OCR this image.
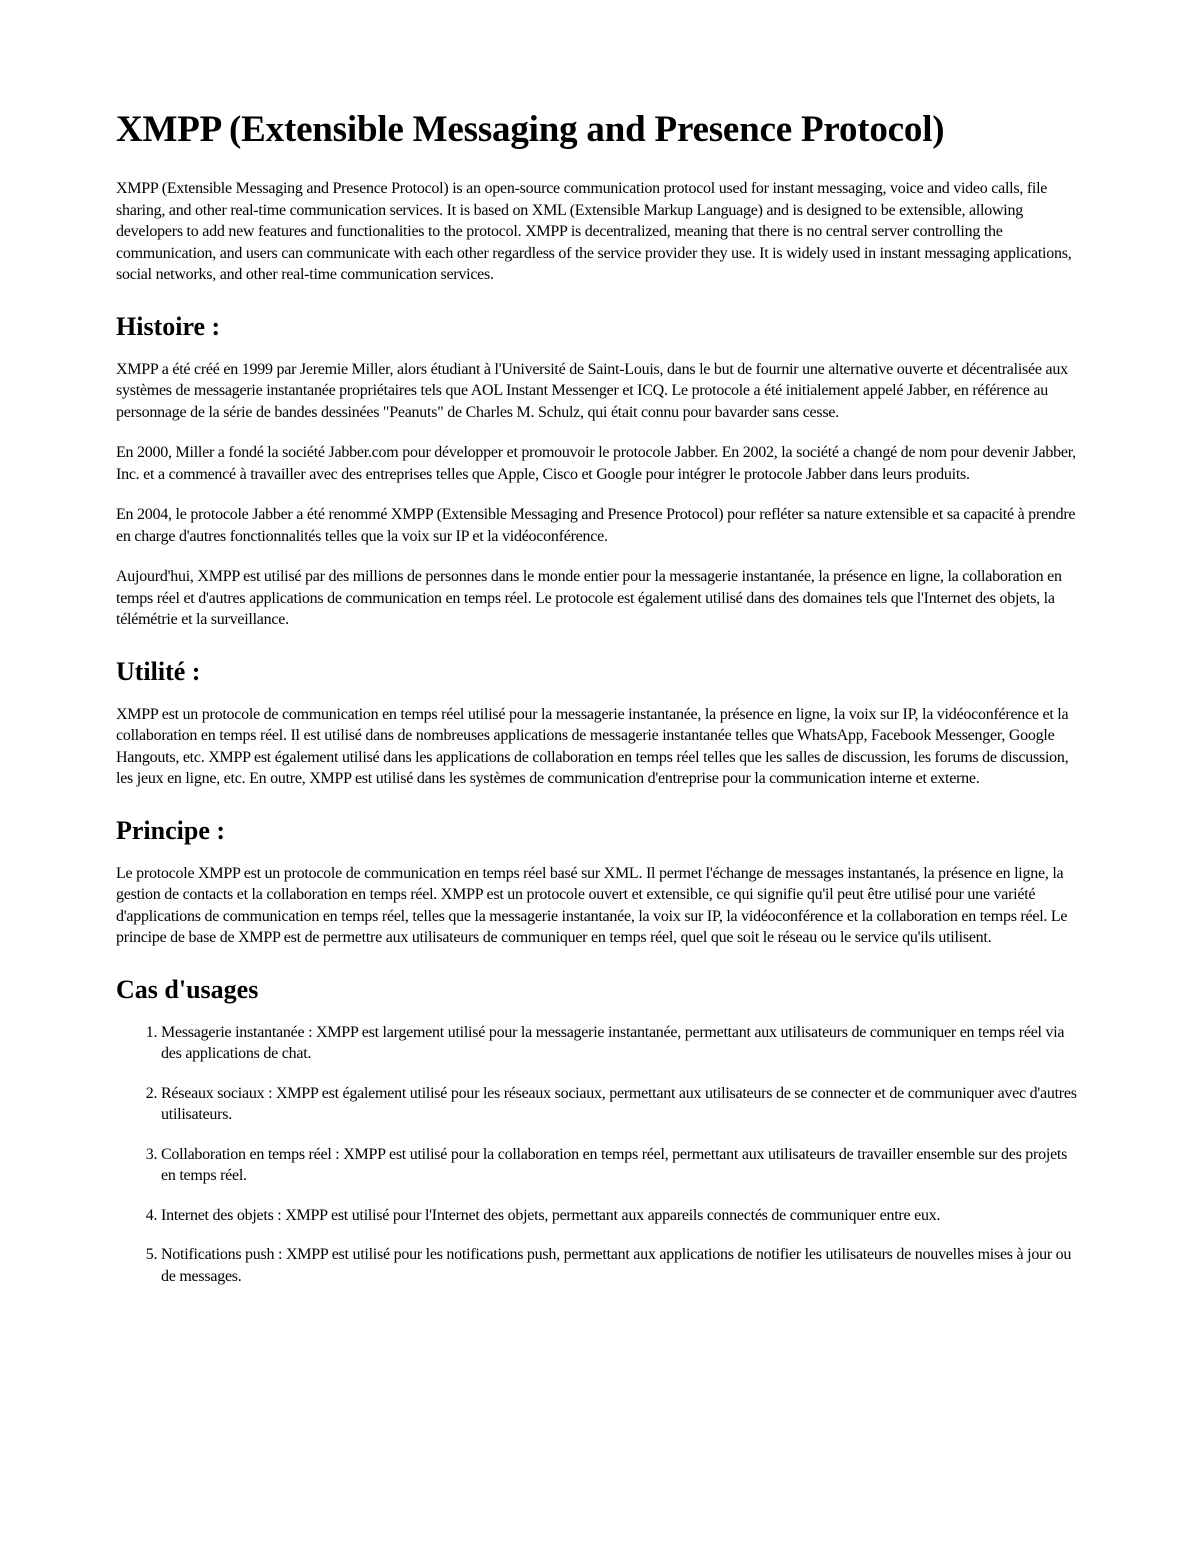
XMPP (Extensible Messaging and Presence Protocol)

XMPP (Extensible Messaging and Presence Protocol) is an open-source communication protocol used for instant messaging, voice and video calls, file sharing, and other real-time communication services. It is based on XML (Extensible Markup Language) and is designed to be extensible, allowing developers to add new features and functionalities to the protocol. XMPP is decentralized, meaning that there is no central server controlling the communication, and users can communicate with each other regardless of the service provider they use. It is widely used in instant messaging applications, social networks, and other real-time communication services.

Histoire :

XMPP a été créé en 1999 par Jeremie Miller, alors étudiant à l'Université de Saint-Louis, dans le but de fournir une alternative ouverte et décentralisée aux systèmes de messagerie instantanée propriétaires tels que AOL Instant Messenger et ICQ. Le protocole a été initialement appelé Jabber, en référence au personnage de la série de bandes dessinées "Peanuts" de Charles M. Schulz, qui était connu pour bavarder sans cesse.

En 2000, Miller a fondé la société Jabber.com pour développer et promouvoir le protocole Jabber. En 2002, la société a changé de nom pour devenir Jabber, Inc. et a commencé à travailler avec des entreprises telles que Apple, Cisco et Google pour intégrer le protocole Jabber dans leurs produits.

En 2004, le protocole Jabber a été renommé XMPP (Extensible Messaging and Presence Protocol) pour refléter sa nature extensible et sa capacité à prendre en charge d'autres fonctionnalités telles que la voix sur IP et la vidéoconférence.

Aujourd'hui, XMPP est utilisé par des millions de personnes dans le monde entier pour la messagerie instantanée, la présence en ligne, la collaboration en temps réel et d'autres applications de communication en temps réel. Le protocole est également utilisé dans des domaines tels que l'Internet des objets, la télémétrie et la surveillance.

Utilité :

XMPP est un protocole de communication en temps réel utilisé pour la messagerie instantanée, la présence en ligne, la voix sur IP, la vidéoconférence et la collaboration en temps réel. Il est utilisé dans de nombreuses applications de messagerie instantanée telles que WhatsApp, Facebook Messenger, Google Hangouts, etc. XMPP est également utilisé dans les applications de collaboration en temps réel telles que les salles de discussion, les forums de discussion, les jeux en ligne, etc. En outre, XMPP est utilisé dans les systèmes de communication d'entreprise pour la communication interne et externe.

Principe :

Le protocole XMPP est un protocole de communication en temps réel basé sur XML. Il permet l'échange de messages instantanés, la présence en ligne, la gestion de contacts et la collaboration en temps réel. XMPP est un protocole ouvert et extensible, ce qui signifie qu'il peut être utilisé pour une variété d'applications de communication en temps réel, telles que la messagerie instantanée, la voix sur IP, la vidéoconférence et la collaboration en temps réel. Le principe de base de XMPP est de permettre aux utilisateurs de communiquer en temps réel, quel que soit le réseau ou le service qu'ils utilisent.

Cas d'usages
1. Messagerie instantanée : XMPP est largement utilisé pour la messagerie instantanée, permettant aux utilisateurs de communiquer en temps réel via des applications de chat.
2. Réseaux sociaux : XMPP est également utilisé pour les réseaux sociaux, permettant aux utilisateurs de se connecter et de communiquer avec d'autres utilisateurs.
3. Collaboration en temps réel : XMPP est utilisé pour la collaboration en temps réel, permettant aux utilisateurs de travailler ensemble sur des projets en temps réel.
4. Internet des objets : XMPP est utilisé pour l'Internet des objets, permettant aux appareils connectés de communiquer entre eux.
5. Notifications push : XMPP est utilisé pour les notifications push, permettant aux applications de notifier les utilisateurs de nouvelles mises à jour ou de messages.
